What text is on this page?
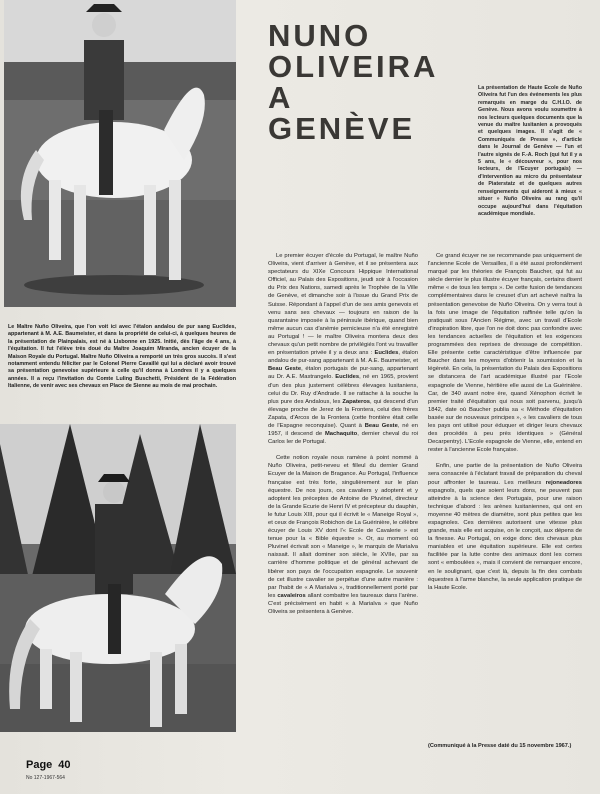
NUNO
OLIVEIRA
A
GENÈVE
La présentation de Haute Ecole de Nuño Oliveira fut l'un des événements les plus remarqués en marge du C.H.I.O. de Genève. Nous avons voulu soumettre à nos lecteurs quelques documents que la venue du maître lusitanien a provoqués et quelques images. Il s'agit de « Communiqués de Presse », d'article dans le Journal de Genève — l'un et l'autre signés de F.-A. Roch (qui fut il y a 5 ans, le « découvreur », pour nos lecteurs, de l'Ecuyer portugais) — d'intervention au micro du présentateur de Piaterstatz et de quelques autres renseignements qui aideront à mieux « situer » Nuño Oliveira au rang qu'il occupe aujourd'hui dans l'équitation académique mondiale.
Le Maître Nuño Oliveira, que l'on voit ici avec l'étalon andalou de pur sang Euclides, appartenant à M. A.E. Baumeister, et dans la propriété de celui-ci, à quelques heures de la présentation de Plainpalais, est né à Lisbonne en 1925. Initié, dès l'âge de 4 ans, à l'équitation. Il fut l'élève très doué du Maître Joaquim Miranda, ancien écuyer de la Maison Royale du Portugal. Maître Nuño Oliveira a remporté un très gros succès. Il s'est notamment entendu féliciter par le Colonel Pierre Cavaillé qui lui a déclaré avoir trouvé sa présentation genevoise supérieure à celle qu'il donna à Londres il y a quelques années. Il a reçu l'invitation du Comte Luling Buschetti, Président de la Fédération Italienne, de venir avec ses chevaux en Place de Sienne au mois de mai prochain.

Le premier écuyer d'école du Portugal, le maître Nuño Oliveira, vient d'arriver à Genève, et il se présentera aux spectateurs du XIXe Concours Hippique International Officiel, au Palais des Expositions, jeudi soir à l'occasion du Prix des Nations, samedi après le Trophée de la Ville de Genève, et dimanche soir à l'issue du Grand Prix de Suisse. Répondant à l'appel d'un de ses amis genevois et venu sans ses chevaux — toujours en raison de la quarantaine imposée à la péninsule ibérique, quand bien même aucun cas d'anémie pernicieuse n'a été enregistré au Portugal ! — le maître Oliveira montera deux des chevaux qu'un petit nombre de privilégiés l'ont vu travailler en présentation privée il y a deux ans : Euclides, étalon andalou de pur-sang appartenant à M. A.E. Baumeister, et Beau Geste, étalon portugais de pur-sang, appartenant au Dr. A.E. Mastrangelo. Euclides, né en 1965, provient d'un des plus justement célèbres élevages lusitaniens, celui du Dr. Ruy d'Andrade. Il se rattache à la souche la plus pure des Andalous, les Zapateros, qui descend d'un élevage proche de Jerez de la Frontera, celui des frères Zapata, d'Arcos de la Frontera (cette frontière était celle de l'Espagne reconquise). Quant à Beau Geste, né en 1957, il descend de Machaquito, dernier cheval du roi Carlos Ier de Portugal.

Cette notion royale nous ramène à point nommé à Nuño Oliveira, petit-neveu et filleul du dernier Grand Ecuyer de la Maison de Bragance. Au Portugal, l'influence française est très forte, singulièrement sur le plan équestre. De nos jours, ces cavaliers y adoptent et y adoptent les préceptes de Antoine de Pluvinel, directeur de la Grande Ecurie de Henri IV et précepteur du dauphin, le futur Louis XIII, pour qui il écrivit le « Maneige Royal », et ceux de François Robichon de La Guérinière, le célèbre écuyer de Louis XV dont l'« Ecole de Cavalerie » est tenue pour la « Bible équestre ». Or, au moment où Pluvinel écrivait son « Maneige », le marquis de Marialva naissait. Il allait dominer son siècle, le XVIIe, par sa carrière d'homme politique et de général achevant de libérer son pays de l'occupation espagnole. Le souvenir de cet illustre cavalier se perpétue d'une autre manière : par l'habit de « A Marialva », traditionnellement porté par les cavaleiros allant combattre les taureaux dans l'arène. C'est précisément en habit « à Marialva » que Nuño Oliveira se présentera à Genève.

Ce grand écuyer ne se recommande pas uniquement de l'ancienne Ecole de Versailles, il a été aussi profondément marqué par les théories de François Baucher, qui fut au siècle dernier le plus illustre écuyer français, certains disent même « de tous les temps ». De cette fusion de tendances complémentaires dans le creuset d'un art achevé naîtra la présentation genevoise de Nuño Oliveira. On y verra tout à la fois une image de l'équitation raffinée telle qu'on la pratiquait sous l'Ancien Régime, avec un travail d'Ecole d'inspiration libre, que l'on ne doit donc pas confondre avec les tendances actuelles de l'équitation et les exigences programmées des reprises de dressage de compétition. Elle présente cette caractéristique d'être influencée par Baucher dans les moyens d'obtenir la soumission et la légèreté. En cela, la présentation du Palais des Expositions se distancera de l'art académique illustré par l'Ecole espagnole de Vienne, héritière elle aussi de La Guérinière. Car, de 340 avant notre ère, quand Xénophon écrivit le premier traité d'équitation qui nous soit parvenu, jusqu'à 1842, date où Baucher publia sa « Méthode d'équitation basée sur de nouveaux principes », « les cavaliers de tous les pays ont utilisé pour éduquer et diriger leurs chevaux des procédés à peu près identiques » (Général Decarpentry). L'Ecole espagnole de Vienne, elle, entend en rester à l'ancienne Ecole française.

Enfin, une partie de la présentation de Nuño Oliveira sera consacrée à l'éclatant travail de préparation du cheval pour affronter le taureau. Les meilleurs rejoneadores espagnols, quels que soient leurs dons, ne peuvent pas atteindre à la science des Portugais, pour une raison technique d'abord : les arènes lusitaniennes, qui ont en moyenne 40 mètres de diamètre, sont plus petites que les espagnoles. Ces dernières autorisent une vitesse plus grande, mais elle est acquise, on le conçoit, aux dépens de la finesse. Au Portugal, on exige donc des chevaux plus maniables et une équitation supérieure. Elle est certes facilitée par la lutte contre des animaux dont les cornes sont « emboulées », mais il convient de remarquer encore, en le soulignant, que c'est là, depuis la fin des combats équestres à l'arme blanche, la seule application pratique de la Haute Ecole.

(Communiqué à la Presse daté du 15 novembre 1967.)
Page 40
No 127-1967-564
